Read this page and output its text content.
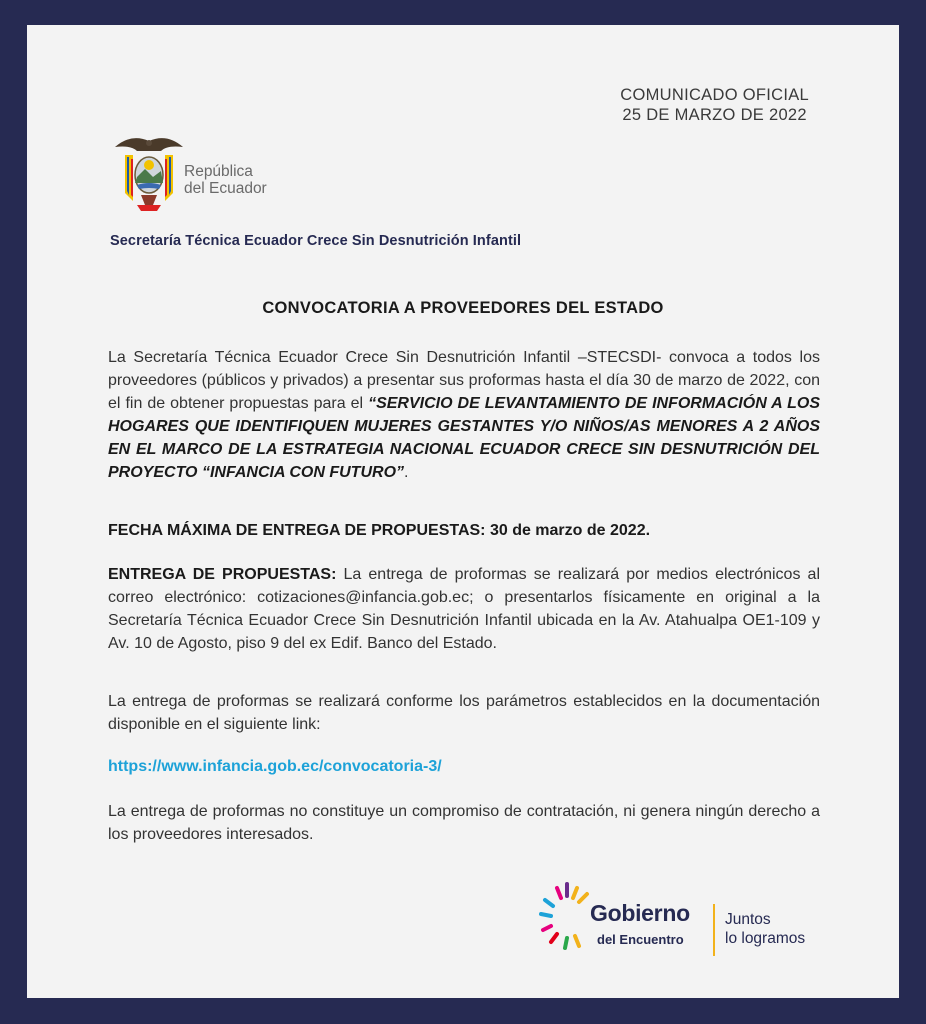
COMUNICADO OFICIAL
25 DE MARZO DE 2022
República
del Ecuador
Secretaría Técnica Ecuador Crece Sin Desnutrición Infantil
CONVOCATORIA A PROVEEDORES DEL ESTADO
La Secretaría Técnica Ecuador Crece Sin Desnutrición Infantil –STECSDI- convoca a todos los proveedores (públicos y privados) a presentar sus proformas hasta el día 30 de marzo de 2022, con el fin de obtener propuestas para el “SERVICIO DE LEVANTAMIENTO DE INFORMACIÓN A LOS HOGARES QUE IDENTIFIQUEN MUJERES GESTANTES Y/O NIÑOS/AS MENORES A 2 AÑOS EN EL MARCO DE LA ESTRATEGIA NACIONAL ECUADOR CRECE SIN DESNUTRICIÓN DEL PROYECTO “INFANCIA CON FUTURO”.
FECHA MÁXIMA DE ENTREGA DE PROPUESTAS: 30 de marzo de 2022.
ENTREGA DE PROPUESTAS: La entrega de proformas se realizará por medios electrónicos al correo electrónico: cotizaciones@infancia.gob.ec; o presentarlos físicamente en original a la Secretaría Técnica Ecuador Crece Sin Desnutrición Infantil ubicada en la Av. Atahualpa OE1-109 y Av. 10 de Agosto, piso 9 del ex Edif. Banco del Estado.
La entrega de proformas se realizará conforme los parámetros establecidos en la documentación disponible en el siguiente link:
https://www.infancia.gob.ec/convocatoria-3/
La entrega de proformas no constituye un compromiso de contratación, ni genera ningún derecho a los proveedores interesados.
Gobierno
del Encuentro
Juntos
lo logramos
